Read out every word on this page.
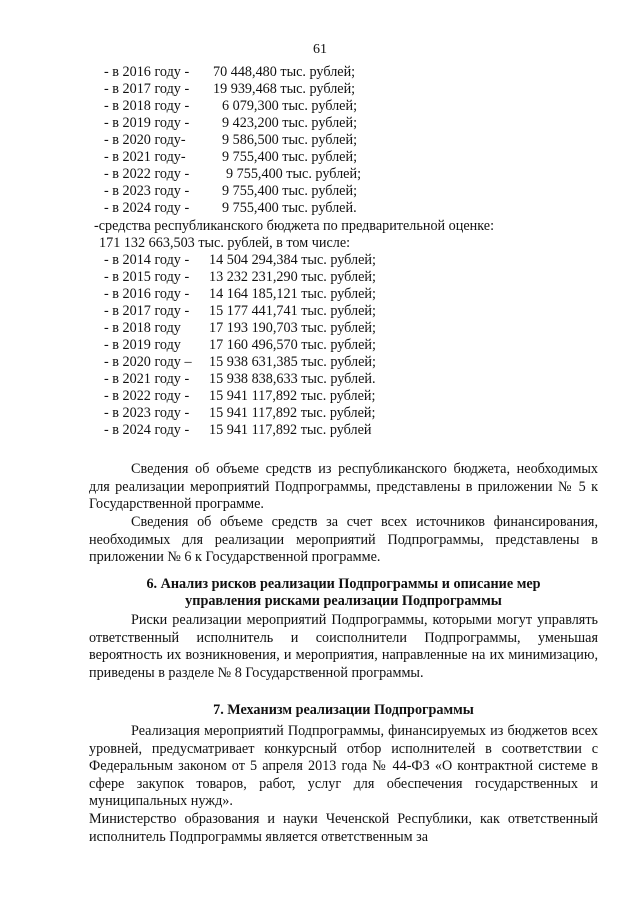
61
- в 2016 году - 70 448,480 тыс. рублей;
- в 2017 году - 19 939,468 тыс. рублей;
- в 2018 году - 6 079,300 тыс. рублей;
- в 2019 году - 9 423,200 тыс. рублей;
- в 2020 году-	9 586,500 тыс. рублей;
- в 2021 году-	9 755,400 тыс. рублей;
- в 2022 году -	9 755,400 тыс. рублей;
- в 2023 году - 9 755,400 тыс. рублей;
- в 2024 году - 9 755,400 тыс. рублей.
-средства республиканского бюджета по предварительной оценке:
171 132 663,503 тыс. рублей, в том числе:
- в 2014 году - 14 504 294,384 тыс. рублей;
- в 2015 году - 13 232 231,290 тыс. рублей;
- в 2016 году - 14 164 185,121 тыс. рублей;
- в 2017 году - 15 177 441,741 тыс. рублей;
- в 2018 году 17 193 190,703 тыс. рублей;
- в 2019 году 17 160 496,570 тыс. рублей;
- в 2020 году – 15 938 631,385 тыс. рублей;
- в 2021 году - 15 938 838,633 тыс. рублей.
- в 2022 году - 15 941 117,892 тыс. рублей;
- в 2023 году - 15 941 117,892 тыс. рублей;
- в 2024 году - 15 941 117,892 тыс. рублей
Сведения об объеме средств из республиканского бюджета, необходимых для реализации мероприятий Подпрограммы, представлены в приложении № 5 к Государственной программе.
Сведения об объеме средств за счет всех источников финансирования, необходимых для реализации мероприятий Подпрограммы, представлены в приложении № 6 к Государственной программе.
6. Анализ рисков реализации Подпрограммы и описание мер
управления рисками реализации Подпрограммы
Риски реализации мероприятий Подпрограммы, которыми могут управлять ответственный исполнитель и соисполнители Подпрограммы, уменьшая вероятность их возникновения, и мероприятия, направленные на их минимизацию, приведены в разделе № 8 Государственной программы.
7. Механизм реализации Подпрограммы
Реализация мероприятий Подпрограммы, финансируемых из бюджетов всех уровней, предусматривает конкурсный отбор исполнителей в соответствии с Федеральным законом от 5 апреля 2013 года № 44-ФЗ «О контрактной системе в сфере закупок товаров, работ, услуг для обеспечения государственных и муниципальных нужд».
Министерство образования и науки Чеченской Республики, как ответственный исполнитель Подпрограммы является ответственным за
